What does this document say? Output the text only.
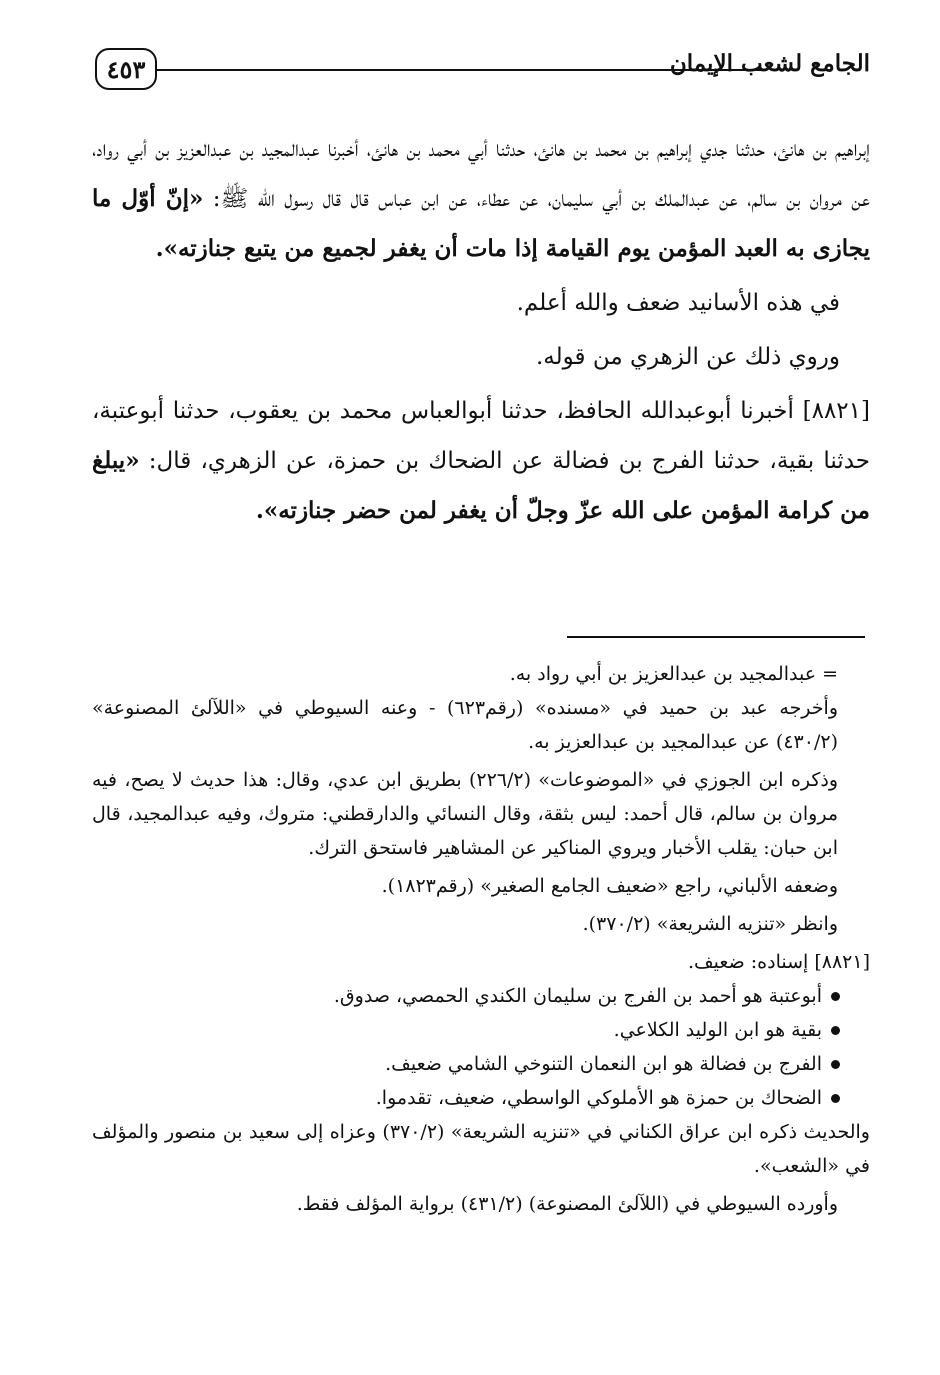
٤٥٣	الجامع لشعب الإيمان

إبراهيم بن هانئ، حدثنا جدي إبراهيم بن محمد بن هانئ، حدثنا أبي محمد بن هانئ، أخبرنا عبدالمجيد بن عبدالعزيز بن أبي رواد، عن مروان بن سالم، عن عبدالملك بن أبي سليمان، عن عطاء، عن ابن عباس قال قال رسول الله ﷺ: «إنّ أوّل ما يجازى به العبد المؤمن يوم القيامة إذا مات أن يغفر لجميع من يتبع جنازته».

في هذه الأسانيد ضعف والله أعلم.

وروي ذلك عن الزهري من قوله.

[٨٨٢١] أخبرنا أبوعبدالله الحافظ، حدثنا أبوالعباس محمد بن يعقوب، حدثنا أبوعتبة، حدثنا بقية، حدثنا الفرج بن فضالة عن الضحاك بن حمزة، عن الزهري، قال: «يبلغ من كرامة المؤمن على الله عزّ وجلّ أن يغفر لمن حضر جنازته».

= عبدالمجيد بن عبدالعزيز بن أبي رواد به.

وأخرجه عبد بن حميد في «مسنده» (رقم٦٢٣) - وعنه السيوطي في «اللآلئ المصنوعة» (٤٣٠/٢) عن عبدالمجيد بن عبدالعزيز به.

وذكره ابن الجوزي في «الموضوعات» (٢٢٦/٢) بطريق ابن عدي، وقال: هذا حديث لا يصح، فيه مروان بن سالم، قال أحمد: ليس بثقة، وقال النسائي والدارقطني: متروك، وفيه عبدالمجيد، قال ابن حبان: يقلب الأخبار ويروي المناكير عن المشاهير فاستحق الترك.

وضعفه الألباني، راجع «ضعيف الجامع الصغير» (رقم١٨٢٣).

وانظر «تنزيه الشريعة» (٣٧٠/٢).

[٨٨٢١] إسناده: ضعيف.

أبوعتبة هو أحمد بن الفرج بن سليمان الكندي الحمصي، صدوق.
بقية هو ابن الوليد الكلاعي.
الفرج بن فضالة هو ابن النعمان التنوخي الشامي ضعيف.
الضحاك بن حمزة هو الأملوكي الواسطي، ضعيف، تقدموا.

والحديث ذكره ابن عراق الكناني في «تنزيه الشريعة» (٣٧٠/٢) وعزاه إلى سعيد بن منصور والمؤلف في «الشعب».

وأورده السيوطي في (اللآلئ المصنوعة) (٤٣١/٢) برواية المؤلف فقط.
